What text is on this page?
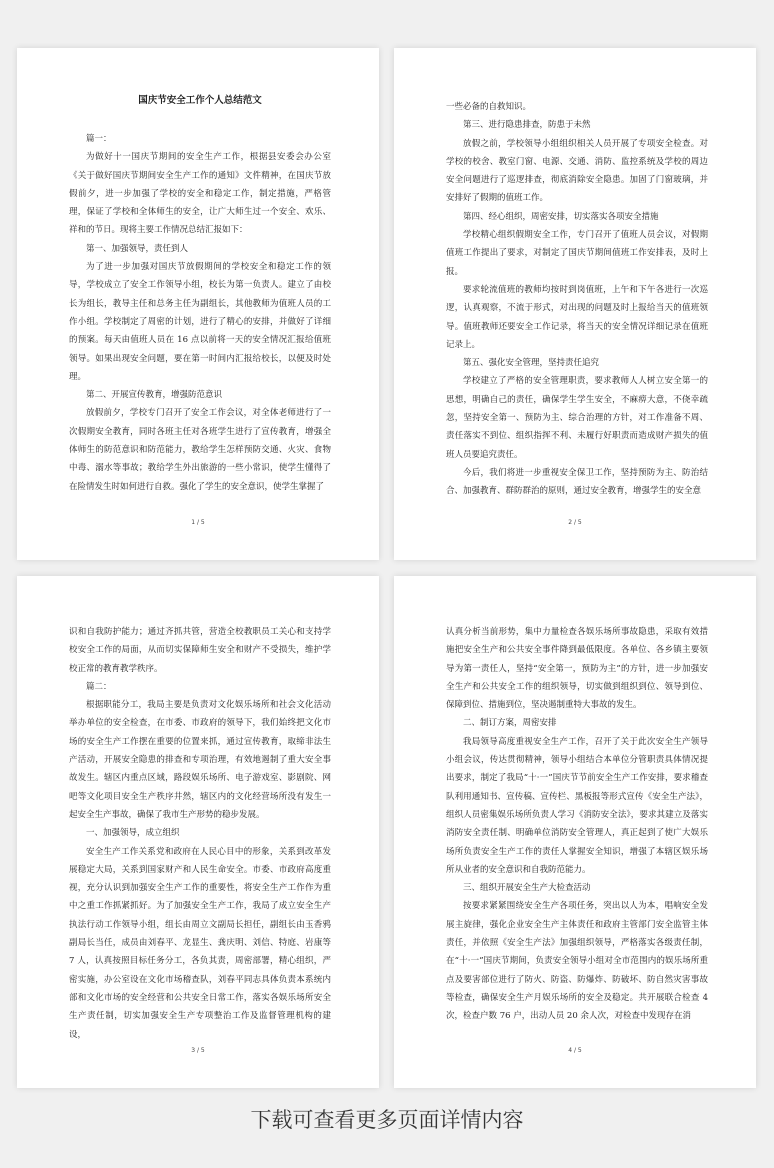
国庆节安全工作个人总结范文

篇一：

为做好十一国庆节期间的安全生产工作，根据县安委会办公室《关于做好国庆节期间安全生产工作的通知》文件精神，在国庆节放假前夕，进一步加强了学校的安全和稳定工作，制定措施，严格管理，保证了学校和全体师生的安全，让广大师生过一个安全、欢乐、祥和的节日。现将主要工作情况总结汇报如下：

第一、加强领导，责任到人

为了进一步加强对国庆节放假期间的学校安全和稳定工作的领导，学校成立了安全工作领导小组，校长为第一负责人。建立了由校长为组长，教导主任和总务主任为副组长，其他教师为值班人员的工作小组。学校制定了周密的计划，进行了精心的安排，并做好了详细的预案。每天由值班人员在 16 点以前将一天的安全情况汇报给值班领导。如果出现安全问题，要在第一时间内汇报给校长，以便及时处理。

第二、开展宣传教育，增强防范意识

放假前夕，学校专门召开了安全工作会议，对全体老师进行了一次假期安全教育，同时各班主任对各班学生进行了宣传教育，增强全体师生的防范意识和防范能力，教给学生怎样预防交通、火灾、食物中毒、溺水等事故；教给学生外出旅游的一些小常识，使学生懂得了在险情发生时如何进行自救。强化了学生的安全意识，使学生掌握了

1 / 5

一些必备的自救知识。

第三、进行隐患排查，防患于未然

放假之前，学校领导小组组织相关人员开展了专项安全检查。对学校的校舍、教室门窗、电源、交通、消防、监控系统及学校的周边安全问题进行了巡逻排查，彻底消除安全隐患。加固了门窗玻璃，并安排好了假期的值班工作。

第四、经心组织，周密安排，切实落实各项安全措施

学校精心组织假期安全工作，专门召开了值班人员会议，对假期值班工作提出了要求，对制定了国庆节期间值班工作安排表，及时上报。

要求轮流值班的教师均按时到岗值班，上午和下午各进行一次巡逻，认真观察，不流于形式，对出现的问题及时上报给当天的值班领导。值班教师还要安全工作记录，将当天的安全情况详细记录在值班记录上。

第五、强化安全管理，坚持责任追究

学校建立了严格的安全管理职责，要求教师人人树立安全第一的思想，明确自己的责任，确保学生学生安全，不麻痹大意，不侥幸疏忽，坚持安全第一、预防为主、综合治理的方针，对工作准备不周、责任落实不到位、组织指挥不利、未履行好职责而造成财产损失的值班人员要追究责任。

今后，我们将进一步重视安全保卫工作，坚持预防为主、防治结合、加强教育、群防群治的原则，通过安全教育，增强学生的安全意

2 / 5

识和自我防护能力；通过齐抓共管，营造全校教职员工关心和支持学校安全工作的局面，从而切实保障师生安全和财产不受损失，维护学校正常的教育教学秩序。

篇二：

根据职能分工，我局主要是负责对文化娱乐场所和社会文化活动举办单位的安全检查，在市委、市政府的领导下，我们始终把文化市场的安全生产工作摆在重要的位置来抓，通过宣传教育，取缔非法生产活动，开展安全隐患的排查和专项治理，有效地遏制了重大安全事故发生。辖区内重点区域，路段娱乐场所、电子游戏室、影剧院、网吧等文化项目安全生产秩序井然，辖区内的文化经营场所没有发生一起安全生产事故，确保了我市生产形势的稳步发展。

一、加强领导，成立组织

安全生产工作关系党和政府在人民心目中的形象，关系到改革发展稳定大局，关系到国家财产和人民生命安全。市委、市政府高度重视，充分认识到加强安全生产工作的重要性，将安全生产工作作为重中之重工作抓紧抓好。为了加强安全生产工作，我局了成立安全生产执法行动工作领导小组，组长由周立文副局长担任，副组长由玉香鸦副局长当任，成员由刘春平、龙显生、龚庆明、刘信、特庭、岩康等 7 人，认真按照目标任务分工，各负其责，周密部署，精心组织，严密实施，办公室设在文化市场稽查队，刘春平同志具体负责本系统内部和文化市场的安全经营和公共安全日常工作，落实各娱乐场所安全生产责任制，切实加强安全生产专项整治工作及监督管理机构的建设，

3 / 5

认真分析当前形势，集中力量检查各娱乐场所事故隐患，采取有效措施把安全生产和公共安全事件降到最低限度。各单位、各乡镇主要领导为第一责任人，坚持“安全第一，预防为主”的方针，进一步加强安全生产和公共安全工作的组织领导，切实做到组织到位、领导到位、保障到位、措施到位，坚决遏制重特大事故的发生。

二、制订方案，周密安排

我局领导高度重视安全生产工作，召开了关于此次安全生产领导小组会议，传达贯彻精神，领导小组结合本单位分管职责具体情况提出要求，制定了我局“十·一”国庆节节前安全生产工作安排，要求稽查队利用通知书、宣传稿、宣传栏、黑板报等形式宣传《安全生产法》，组织人员密集娱乐场所负责人学习《消防安全法》，要求其建立及落实消防安全责任制、明确单位消防安全管理人，真正起到了使广大娱乐场所负责安全生产工作的责任人掌握安全知识，增强了本辖区娱乐场所从业者的安全意识和自我防范能力。

三、组织开展安全生产大检查活动

按要求紧紧围绕安全生产各项任务，突出以人为本，唱响安全发展主旋律，强化企业安全生产主体责任和政府主管部门安全监管主体责任，并依照《安全生产法》加强组织领导，严格落实各级责任制，在“十·一”国庆节期间，负责安全领导小组对全市范围内的娱乐场所重点及要害部位进行了防火、防盗、防爆炸、防破坏、防自然灾害事故等检查，确保安全生产月娱乐场所的安全及稳定。共开展联合检查 4 次，检查户数 76 户，出动人员 20 余人次，对检查中发现存在消

4 / 5
下载可查看更多页面详情内容
